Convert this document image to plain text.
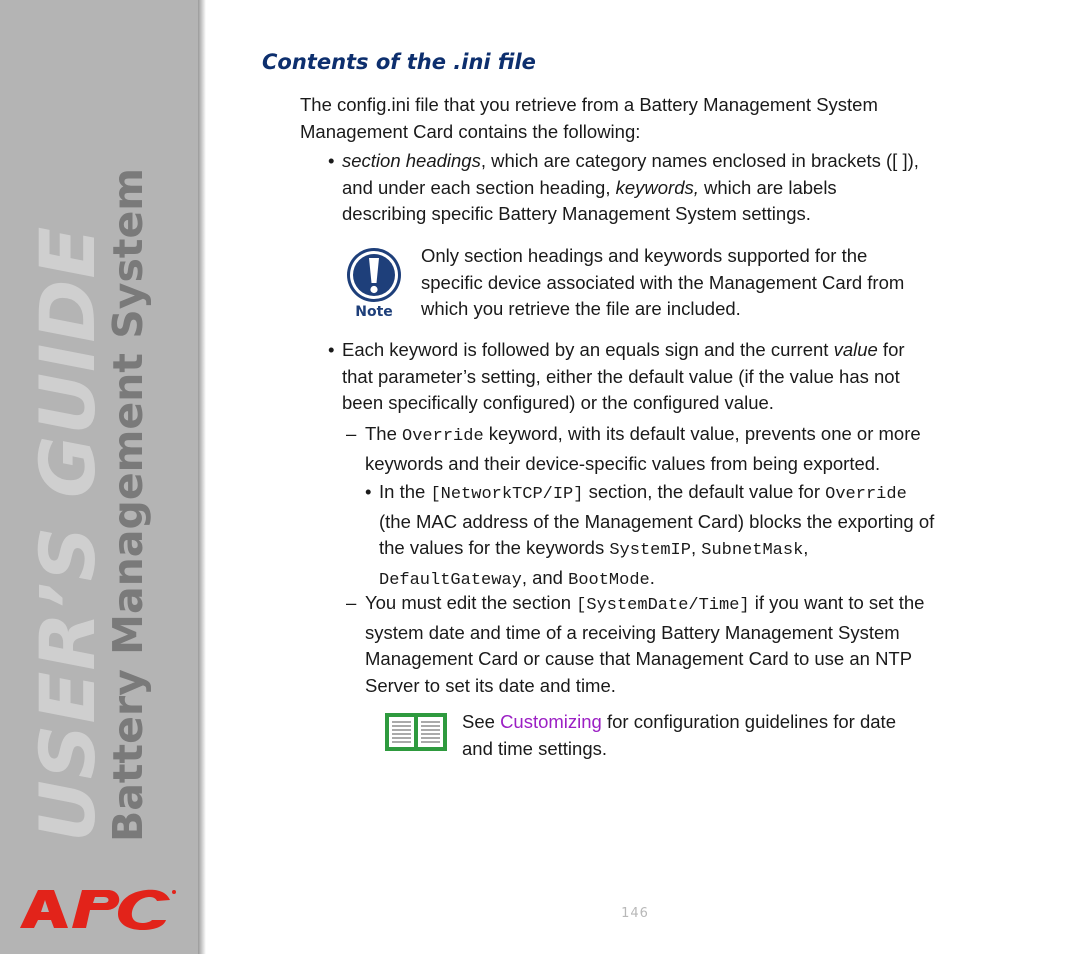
USER’S GUIDE
Battery Management System
146
Contents of the .ini file

The config.ini file that you retrieve from a Battery Management System
Management Card contains the following:

• section headings, which are category names enclosed in brackets ([ ]),
and under each section heading, keywords, which are labels
describing specific Battery Management System settings.

Note

Only section headings and keywords supported for the
specific device associated with the Management Card from
which you retrieve the file are included.

• Each keyword is followed by an equals sign and the current value for
that parameter’s setting, either the default value (if the value has not
been specifically configured) or the configured value.

– The Override keyword, with its default value, prevents one or more
keywords and their device-specific values from being exported.

• In the [NetworkTCP/IP] section, the default value for Override
(the MAC address of the Management Card) blocks the exporting of
the values for the keywords SystemIP, SubnetMask,
DefaultGateway, and BootMode.

– You must edit the section [SystemDate/Time] if you want to set the
system date and time of a receiving Battery Management System
Management Card or cause that Management Card to use an NTP
Server to set its date and time.

See Customizing for configuration guidelines for date
and time settings.
